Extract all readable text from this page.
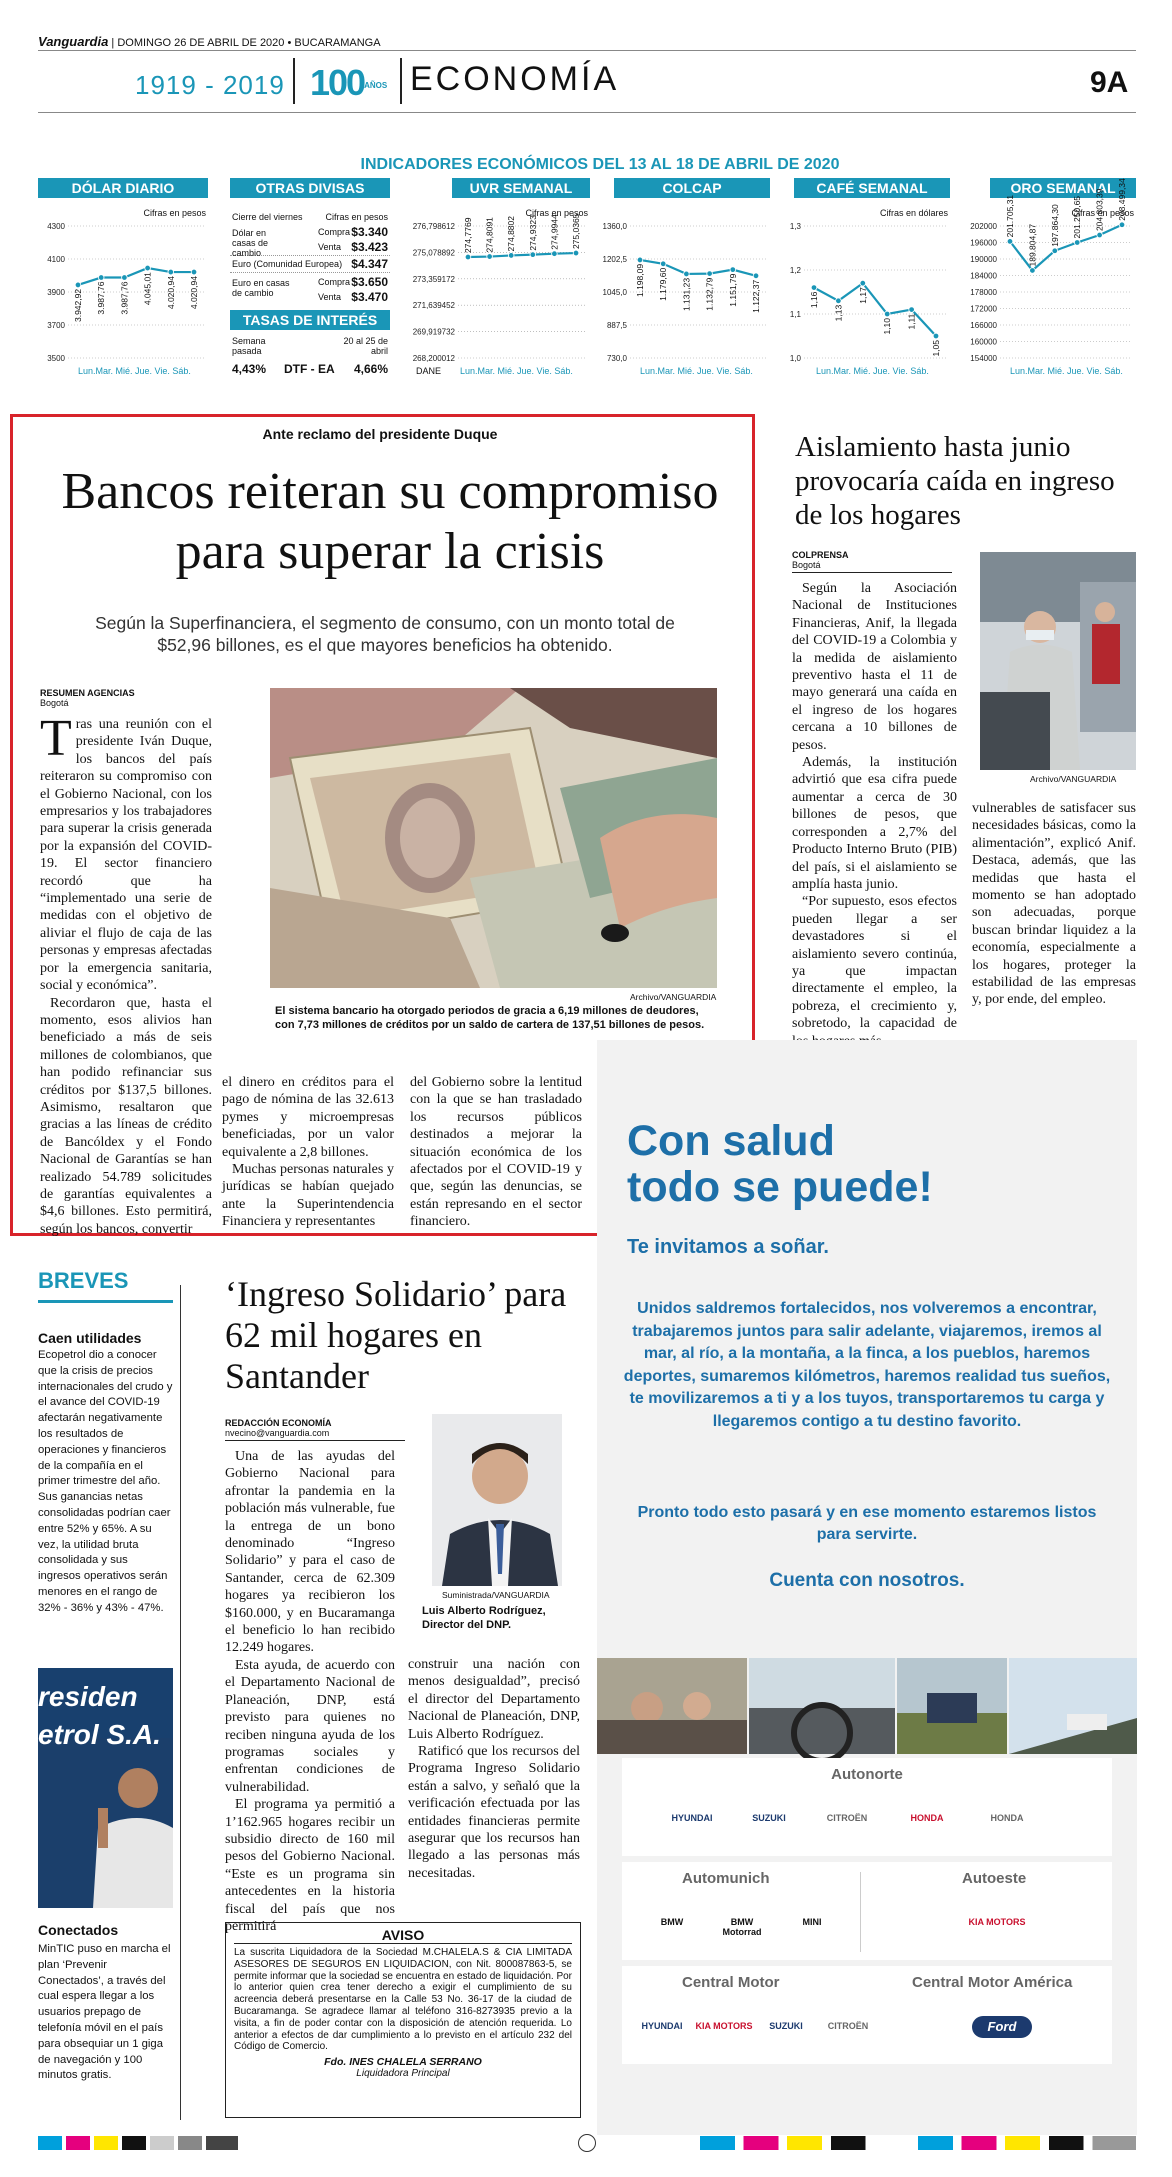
Vanguardia | DOMINGO 26 DE ABRIL DE 2020 • BUCARAMANGA
1919 - 2019 100AÑOS ECONOMÍA	9A
INDICADORES ECONÓMICOS DEL 13 AL 18 DE ABRIL DE 2020
DÓLAR DIARIO
Cifras en pesos
4300
4100
3900
3700
3500
3.942,92 3.987,76 3.987,76 4.045,01 4.020,94 4.020,94
Lun.Mar. Mié. Jue. Vie. Sáb.
OTRAS DIVISAS
Cierre del viernes	Cifras en pesos
Dólar en casas de cambio
Compra $3.340
Venta $3.423
Euro (Comunidad Europea) $4.347
Euro en casas de cambio
Compra $3.650
Venta $3.470
TASAS DE INTERÉS
Semana pasada
20 al 25 de abril
4,43% DTF - EA 4,66%
UVR SEMANAL
Cifras en pesos
276,798612
275,078892
273,359172
271,639452
269,919732
268,200012
274,7769 274,8091 274,8802 274,9323 274,9944 275,0365
DANE Lun.Mar. Mié. Jue. Vie. Sáb.
COLCAP
1360,0
1202,5
1045,0
887,5
730,0
1.198,09 1.179,60 1.131,23 1.132,79 1.151,79 1.122,37
Lun.Mar. Mié. Jue. Vie. Sáb.
CAFÉ SEMANAL
Cifras en dólares
1,3
1,2
1,1
1,0
1,16
1,13
1,17
1,10 1,11
1,05
Lun.Mar. Mié. Jue. Vie. Sáb.
ORO SEMANAL
Cifras en pesos
202000
196000
190000
184000
178000
172000
166000
160000
154000
201.705,31
189.804,87 197.864,30 201.250,65 204.303,39 208.499,34
Lun.Mar. Mié. Jue. Vie. Sáb.
Ante reclamo del presidente Duque
Bancos reiteran su compromiso
para superar la crisis
Según la Superfinanciera, el segmento de consumo, con un monto total de $52,96 billones, es el que mayores beneficios ha obtenido.
RESUMEN AGENCIAS
Bogotá

Tras una reunión con el presidente Iván Duque, los bancos del país reiteraron su compromiso con el Gobierno Nacional, con los empresarios y los trabajadores para superar la crisis generada por la expansión del COVID-19. El sector financiero recordó que ha “implementado una serie de medidas con el objetivo de aliviar el flujo de caja de las personas y empresas afectadas por la emergencia sanitaria, social y económica”.

Recordaron que, hasta el momento, esos alivios han beneficiado a más de seis millones de colombianos, que han podido refinanciar sus créditos por $137,5 billones. Asimismo, resaltaron que gracias a las líneas de crédito de Bancóldex y el Fondo Nacional de Garantías se han realizado 54.789 solicitudes de garantías equivalentes a $4,6 billones. Esto permitirá, según los bancos, convertir

Archivo/VANGUARDIA
El sistema bancario ha otorgado periodos de gracia a 6,19 millones de deudores, con 7,73 millones de créditos por un saldo de cartera de 137,51 billones de pesos.

el dinero en créditos para el pago de nómina de las 32.613 pymes y microempresas beneficiadas, por un valor equivalente a 2,8 billones.

Muchas personas naturales y jurídicas se habían quejado ante la Superintendencia Financiera y representantes

del Gobierno sobre la lentitud con la que se han trasladado los recursos públicos destinados a mejorar la situación económica de los afectados por el COVID-19 y que, según las denuncias, se están represando en el sector financiero.

Aislamiento hasta junio provocaría caída en ingreso de los hogares
COLPRENSA
Bogotá

Según la Asociación Nacional de Instituciones Financieras, Anif, la llegada del COVID-19 a Colombia y la medida de aislamiento preventivo hasta el 11 de mayo generará una caída en el ingreso de los hogares cercana a 10 billones de pesos.

Además, la institución advirtió que esa cifra puede aumentar a cerca de 30 billones de pesos, que corresponden a 2,7% del Producto Interno Bruto (PIB) del país, si el aislamiento se amplía hasta junio.

“Por supuesto, esos efectos pueden llegar a ser devastadores si el aislamiento severo continúa, ya que impactan directamente el empleo, la pobreza, el crecimiento y, sobretodo, la capacidad de

Archivo/VANGUARDIA

vulnerables de satisfacer sus necesidades básicas, como la alimentación”, explicó Anif. Destaca, además, que las medidas que hasta el momento se han adoptado son adecuadas, porque buscan brindar liquidez a la economía, especialmente a los hogares, proteger la estabilidad de las empresas y, por ende, del empleo.

BREVES
Caen utilidades
Ecopetrol dio a conocer que la crisis de precios internacionales del crudo y el avance del COVID-19 afectarán negativamente los resultados de operaciones y financieros de la compañía en el primer trimestre del año. Sus ganancias netas consolidadas podrían caer entre 52% y 65%. A su vez, la utilidad bruta consolidada y sus ingresos operativos serán menores en el rango de 32% - 36% y 43% - 47%.
residen etrol S.A.
Conectados
MinTIC puso en marcha el plan ‘Prevenir Conectados’, a través del cual espera llegar a los usuarios prepago de telefonía móvil en el país para obsequiar un 1 giga de navegación y 100 minutos gratis.
‘Ingreso Solidario’ para 62 mil hogares en Santander
REDACCIÓN ECONOMÍA
nvecino@vanguardia.com

Una de las ayudas del Gobierno Nacional para afrontar la pandemia en la población más vulnerable, fue la entrega de un bono denominado “Ingreso Solidario” y para el caso de Santander, cerca de 62.309 hogares ya recibieron los $160.000, y en Bucaramanga el beneficio lo han recibido 12.249 hogares.

Esta ayuda, de acuerdo con el Departamento Nacional de Planeación, DNP, está previsto para quienes no reciben ninguna ayuda de los programas sociales y enfrentan condiciones de vulnerabilidad.

El programa ya permitió a 1’162.965 hogares recibir un subsidio directo de 160 mil pesos del Gobierno Nacional. “Este es un programa sin antecedentes en la historia fiscal del país que nos permitirá

Suministrada/VANGUARDIA
Luis Alberto Rodríguez, Director del DNP.

construir una nación con menos desigualdad”, precisó el director del Departamento Nacional de Planeación, DNP, Luis Alberto Rodríguez.

Ratificó que los recursos del Programa Ingreso Solidario están a salvo, y señaló que la verificación efectuada por las entidades financieras permite asegurar que los recursos han llegado a las personas más necesitadas.

AVISO
La suscrita Liquidadora de la Sociedad M.CHALELA.S & CIA LIMITADA ASESORES DE SEGUROS EN LIQUIDACION, con Nit. 800087863-5, se permite informar que la sociedad se encuentra en estado de liquidación. Por lo anterior quien crea tener derecho a exigir el cumplimiento de su acreencia deberá presentarse en la Calle 53 No. 36-17 de la ciudad de Bucaramanga. Se agradece llamar al teléfono 316-8273935 previo a la visita, a fin de poder contar con la disposición de atención requerida. Lo anterior a efectos de dar cumplimiento a lo previsto en el artículo 232 del Código de Comercio.
Fdo. INES CHALELA SERRANO
Liquidadora Principal
Con salud
todo se puede!
Te invitamos a soñar.
Unidos saldremos fortalecidos, nos volveremos a encontrar, trabajaremos juntos para salir adelante, viajaremos, iremos al mar, al río, a la montaña, a la finca, a los pueblos, haremos deportes, sumaremos kilómetros, haremos realidad tus sueños, te movilizaremos a ti y a los tuyos, transportaremos tu carga y llegaremos contigo a tu destino favorito.
Pronto todo esto pasará y en ese momento estaremos listos para servirte.
Cuenta con nosotros.
Autonorte
HYUNDAI	SUZUKI	CITROËN	HONDA	HONDA
Automunich	Autoeste
BMW	BMW Motorrad
MINI	KIA MOTORS
Central Motor	Central Motor América
HYUNDAI	KIA MOTORS	SUZUKI	CITROËN	Ford
